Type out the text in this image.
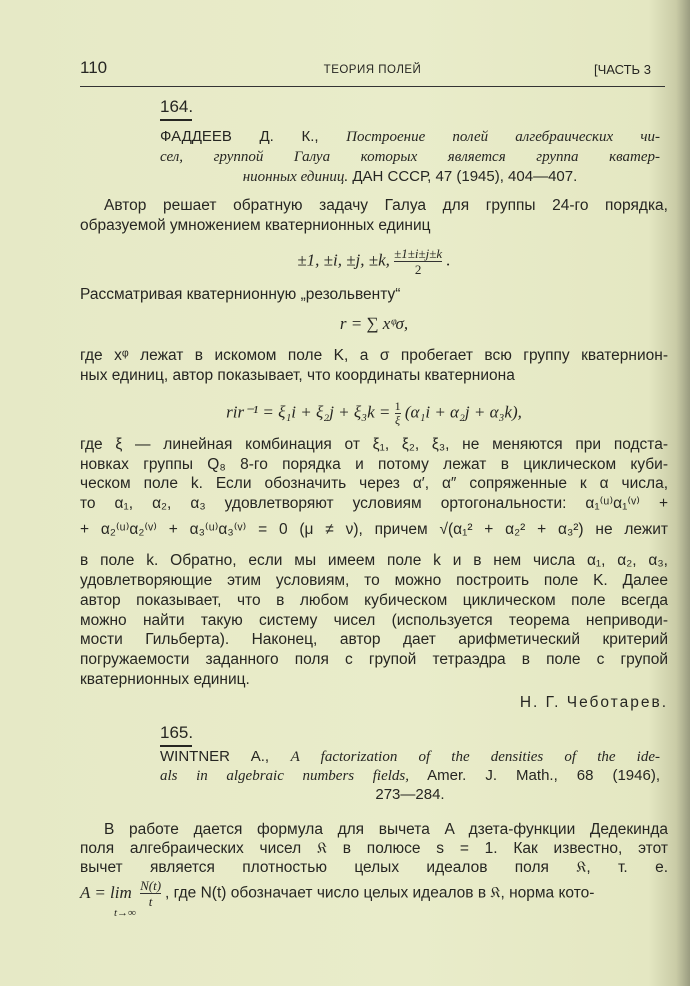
110	ТЕОРИЯ ПОЛЕЙ	[ЧАСТЬ 3
164.
ФАДДЕЕВ Д. К., Построение полей алгебраических чи-
сел, группой Галуа которых является группа кватер-
нионных единиц. ДАН СССР, 47 (1945), 404—407.
Автор решает обратную задачу Галуа для группы 24-го порядка,
образуемой умножением кватернионных единиц
±1, ±i, ±j, ±k, $\frac{\pm 1\pm i\pm j\pm k}{2}$ .
Рассматривая кватернионную „резольвенту“
r = ∑ xᵠσ,
где xᵠ лежат в искомом поле K, а σ пробегает всю группу кватернион-
ных единиц, автор показывает, что координаты кватерниона
$rir^{-1} = \xi_1i + \xi_2j + \xi_3k = \frac{1}{\xi} (\alpha_1i + \alpha_2j + \alpha_3k)$,
где ξ — линейная комбинация от ξ₁, ξ₂, ξ₃, не меняются при подста-
новках группы Q₈ 8-го порядка и потому лежат в циклическом куби-
ческом поле k. Если обозначить через α′, α″ сопряженные к α числа,
то α₁, α₂, α₃ удовлетворяют условиям ортогональности: α₁⁽ᵘ⁾α₁⁽ᵛ⁾ +
+ α₂⁽ᵘ⁾α₂⁽ᵛ⁾ + α₃⁽ᵘ⁾α₃⁽ᵛ⁾ = 0 (μ ≠ ν), причем √(α₁² + α₂² + α₃²) не лежит
в поле k. Обратно, если мы имеем поле k и в нем числа α₁, α₂, α₃,
удовлетворяющие этим условиям, то можно построить поле K. Далее
автор показывает, что в любом кубическом циклическом поле всегда
можно найти такую систему чисел (используется теорема неприводи-
мости Гильберта). Наконец, автор дает арифметический критерий
погружаемости заданного поля с групой тетраэдра в поле с групой
кватернионных единиц.
Н. Г. Чеботарев.
165.
WINTNER A., A factorization of the densities of the ide-
als in algebraic numbers fields, Amer. J. Math., 68 (1946),
273—284.
В работе дается формула для вычета A дзета-функции Дедекинда
поля алгебраических чисел 𝔎 в полюсе s = 1. Как известно, этот
вычет является плотностью целых идеалов поля 𝔎, т. е.
A = lim
t→∞

$\frac{N(t)}{t}$ , где N(t) обозначает число целых идеалов в 𝔎, норма кото-
